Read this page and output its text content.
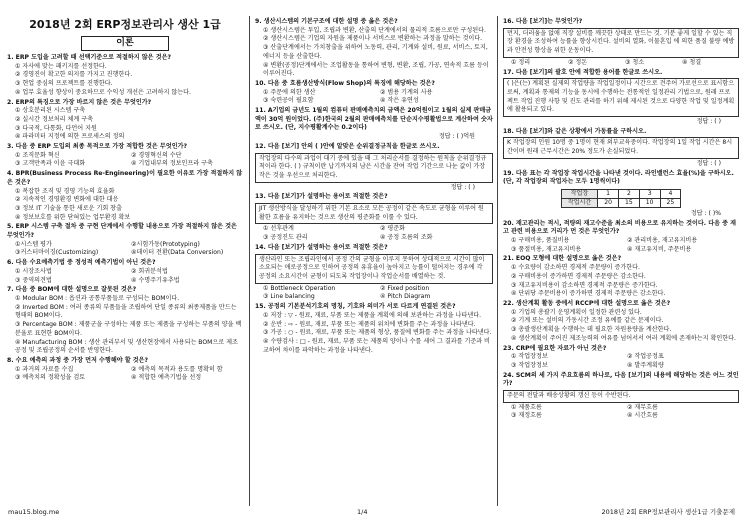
2018년 2회 ERP정보관리사 생산 1급
이론
1. ERP 도입을 고려할 때 선택기준으로 적절하지 않은 것은?
① 자사에 맞는 패키지를 선정한다.
② 경영진이 확고한 의지를 가지고 진행한다.
③ 현업 중심의 프로젝트를 진행한다.
④ 업무 효율성 향상이 중요하므로 수익성 개선은 고려하지 않는다.
2. ERP의 특징으로 가장 바르지 않은 것은 무엇인가?
① 상호분리된 시스템 구축
② 실시간 정보처리 체계 구축
③ 다국적, 다통화, 다언어 지원
④ 파라미터 지정에 의한 프로세스의 정의
3. 다음 중 ERP 도입의 최종 목적으로 가장 적합한 것은 무엇인가?
① 조직문화 혁신	② 경영혁신의 수단
③ 고객만족과 이윤 극대화	④ 기업내부의 정보인프라 구축
4. BPR(Business Process Re-Engineering)이 필요한 이유로 가장 적절하지 않은 것은?
① 복잡한 조직 및 경영 기능의 효율화
② 지속적인 경영환경 변화에 대한 대응
③ 정보 IT 기술을 통한 새로운 기회 창출
④ 정보보호를 위한 닫혀있는 업무환경 확보
5. ERP 시스템 구축 절차 중 구현 단계에서 수행할 내용으로 가장 적절하지 않은 것은 무엇인가?
①시스템 평가	②시험가동(Prototyping)
③커스터마이징(Customizing)	④데이터 전환(Data Conversion)
6. 다음 수요예측기법 중 정성적 예측기법이 아닌 것은?
① 시장조사법	② 회귀분석법
③ 중역의견법	④ 수명주기유추법
7. 다음 중 BOM에 대한 설명으로 잘못된 것은?
① Modular BOM : 옵션과 공통부품들로 구성되는 BOM이다.
② Inverted BOM : 여러 종류의 부품들을 조립하여 단일 종류의 최종제품을 만드는 형태의 BOM이다.
③ Percentage BOM : 제품군을 구성하는 제품 또는 제품을 구성하는 부품의 양을 백분율로 표현한 BOM이다.
④ Manufacturing BOM : 생산 관리부서 및 생산현장에서 사용되는 BOM으로 제조공정 및 조립공정의 순서를 반영한다.
8. 수요 예측의 과정 중 가장 먼저 수행해야 할 것은?
① 과거의 자료를 수집	② 예측의 목적과 용도를 명확히 함
③ 예측치의 정확성을 검토	④ 적합한 예측기법을 선정
9. 생산시스템의 기본구조에 대한 설명 중 옳은 것은?
① 생산시스템은 투입, 조립과 변환, 산출의 단계에서의 물리적 흐름으로만 구성된다.
② 생산시스템은 기업의 자원을 제품이나 서비스로 변환하는 과정을 말하는 것이다.
③ 산출단계에서는 가치창출을 위하여 노동력, 관리, 기계와 설비, 원료, 서비스, 토지, 에너지 등을 산출한다.
④ 변환(공정)단계에서는 조업활동을 통하여 변형, 변환, 조립, 가공, 연속적 흐름 등이 이루어진다.
10. 다음 중 흐름생산방식(Flow Shop)의 특징에 해당하는 것은?
① 주문에 의한 생산	② 범용 기계의 사용
③ 숙련공이 필요함	④ 작은 유연성
11. A기업의 금년도 1월의 컴퓨터 판매예측치의 금액은 20억원이고 1월의 실제 판매금액이 30억 원이었다. (주)한국의 2월의 판매예측치를 단순지수평활법으로 계산하여 숫자로 쓰시오. (단, 지수평활계수는 0.2이다)
정답 : ( )억원
12. 다음 [보기] 안의 ( )안에 알맞은 순위결정규칙을 한글로 쓰시오.
작업장의 다수의 과업이 대기 중에 있을 때 그 처리순서를 결정하는 원칙을 순위결정규칙이라 한다. ( ) 규칙이란 납기까지의 남은 시간을 잔여 작업 기간으로 나눈 값이 가장 작은 것을 우선으로 처리한다.
정답 : ( )
13. 다음 [보기]가 설명하는 용어로 적절한 것은?
JIT 생산방식을 달성하기 위한 기본 요소로 모든 공정이 같은 속도로 균형을 이루어 원활한 흐름을 유지하는 것으로 생산의 평준화를 이룰 수 있다.
① 선후관계	② 평준화
③ 공정진도 관리	④ 공정 흐름의 조화
14. 다음 [보기]가 설명하는 용어로 적절한 것은?
생산라인 또는 조립라인에서 공정 간의 균형을 이루지 못하여 상대적으로 시간이 많이 소요되는 애로공정으로 인하여 공정의 유휴율이 높아지고 능률이 떨어지는 경우에 각 공정의 소요시간이 균형이 되도록 작업장이나 작업순서를 배열하는 것.
① Bottleneck Operation	② Fixed position
③ Line balancing	④ Pitch Diagram
15. 공정의 기본분석기호의 명칭, 기호와 의미가 서로 다르게 연결된 것은?
① 저장 : ▽ - 원료, 재료, 부품 또는 제품을 계획에 의해 보관하는 과정을 나타낸다.
② 운반 : ⇨ - 원료, 재료, 부품 또는 제품의 위치에 변화를 주는 과정을 나타낸다.
③ 가공 : ○ - 원료, 재료, 부품 또는 제품의 형상, 품질에 변화를 주는 과정을 나타낸다.
④ 수량검사 : □ - 원료, 재료, 부품 또는 제품의 양이나 수를 세어 그 결과를 기준과 비교하여 차이를 파악하는 과정을 나타낸다.
16. 다음 [보기]는 무엇인가?
먼지, 더러움을 없애 직장 설비를 깨끗한 상태로 만드는 것. 기분 좋게 일할 수 있는 직장 환경을 조성하여 능률을 향상시킨다. 설비의 열화, 이물혼입 에 의한 품질 불량 예방과 안전성 향상을 위한 운동이다.
① 정리	② 정돈	③ 청소	④ 청결
17. 다음 [보기]의 괄호 안에 적합한 용어를 한글로 쓰시오.
( )은(는) 계획된 실제의 작업량을 작업일정이나 시간으로 견주어 가로선으로 표시함으로써, 계획과 통제의 기능을 동시에 수행하는 전통적인 일정관리 기법으로, 원래 프로젝트 작업 진행 사항 및 진도 관리를 하기 위해 제시된 것으로 다양한 작업 및 일정계획에 활용되고 있다.
정답 : ( )
18. 다음 [보기]와 같은 상황에서 가동률을 구하시오.
K 작업장의 인원 10명 중 1명이 현재 외부교육중이다. 작업장의 1일 작업 시간은 8시간이며 원래 근무시간은 20% 정도가 손실되었다.
정답 : ( )
19. 다음 표는 각 작업장 작업시간을 나타낸 것이다. 라인밸런스 효율(%)을 구하시오. (단, 각 작업장의 작업자는 모두 1명씩이다)
작업장	1	2	3	4
작업시간	20	15	10	25
정답 : ( )%
20. 재고관리는 적시, 적량의 재고수준을 최소의 비용으로 유지하는 것이다. 다음 중 재고 관련 비용으로 거리가 먼 것은 무엇인가?
① 구매비용, 품질비용	② 관리비용, 재고유지비용
③ 품절비용, 재고유지비용	④ 재고유지비, 주문비용
21. EOQ 모형에 대한 설명으로 옳은 것은?
① 수요량이 감소하면 경제적 주문량이 증가한다.
② 구매비용이 증가하면 경제적 주문량은 감소한다.
③ 재고유지비용이 감소하면 경제적 주문량은 증가한다.
④ 단위당 주문비용이 증가하면 경제적 주문량은 감소한다.
22. 생산계획 활동 중에서 RCCP에 대한 설명으로 옳은 것은?
① 기업의 총괄기 운영계획이 일정한 관련성 있다.
② 기계 또는 설비의 가동시간 조정 유예를 같은 문제이다.
③ 총괄생산계획을 수행하는 데 필요한 자원용량을 계산한다.
④ 생산계획이 주어진 제조능력의 여유를 넘어서서 여러 계획에 존재하는지 확인한다.
23. CRP에 필요한 자료가 아닌 것은?
① 작업장정보	② 작업공정표
③ 작업장정보	④ 발주계획량
24. SCM의 세 가지 주요흐름의 하나로, 다음 [보기]의 내용에 해당하는 것은 어느 것인가?
주문의 전달과 배송상황의 갱신 등이 수반된다.
① 제품흐름	② 재무흐름
③ 재정흐름	④ 시간흐름
mau15.blog.me	1/4	2018년 2회 ERP정보관리사 생산1급 기출문제
